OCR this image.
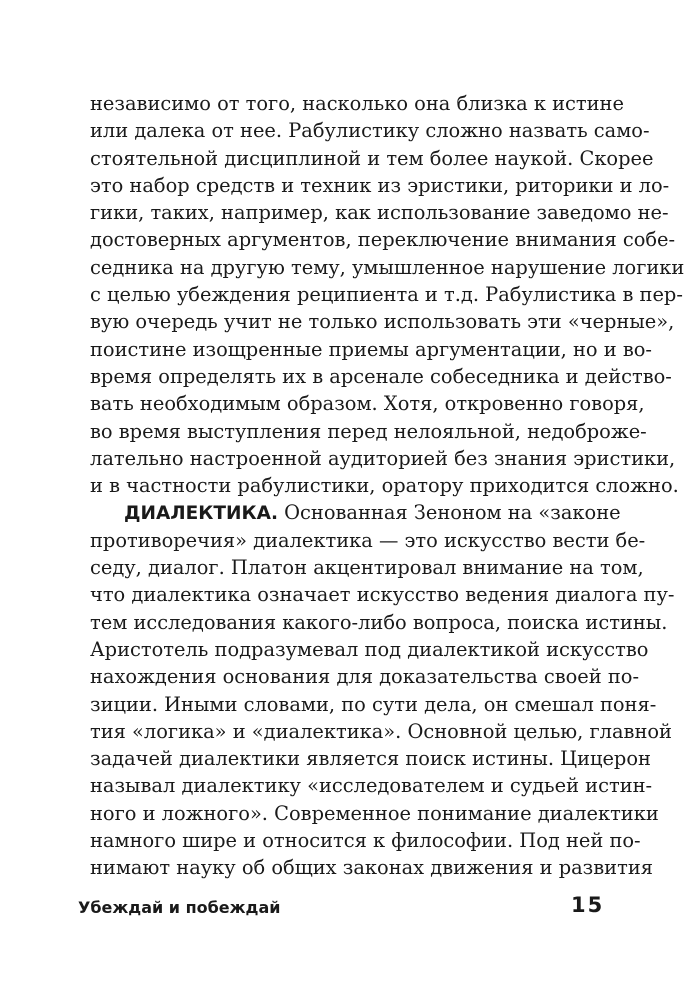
независимо от того, насколько она близка к истине
или далека от нее. Рабулистику сложно назвать само-
стоятельной дисциплиной и тем более наукой. Скорее
это набор средств и техник из эристики, риторики и ло-
гики, таких, например, как использование заведомо не-
достоверных аргументов, переключение внимания собе-
седника на другую тему, умышленное нарушение логики
с целью убеждения реципиента и т.д. Рабулистика в пер-
вую очередь учит не только использовать эти «черные»,
поистине изощренные приемы аргументации, но и во-
время определять их в арсенале собеседника и действо-
вать необходимым образом. Хотя, откровенно говоря,
во время выступления перед нелояльной, недоброже-
лательно настроенной аудиторией без знания эристики,
и в частности рабулистики, оратору приходится сложно.
ДИАЛЕКТИКА. Основанная Зеноном на «законе
противоречия» диалектика — это искусство вести бе-
седу, диалог. Платон акцентировал внимание на том,
что диалектика означает искусство ведения диалога пу-
тем исследования какого-либо вопроса, поиска истины.
Аристотель подразумевал под диалектикой искусство
нахождения основания для доказательства своей по-
зиции. Иными словами, по сути дела, он смешал поня-
тия «логика» и «диалектика». Основной целью, главной
задачей диалектики является поиск истины. Цицерон
называл диалектику «исследователем и судьей истин-
ного и ложного». Современное понимание диалектики
намного шире и относится к философии. Под ней по-
нимают науку об общих законах движения и развития
Убеждай и побеждай	15
